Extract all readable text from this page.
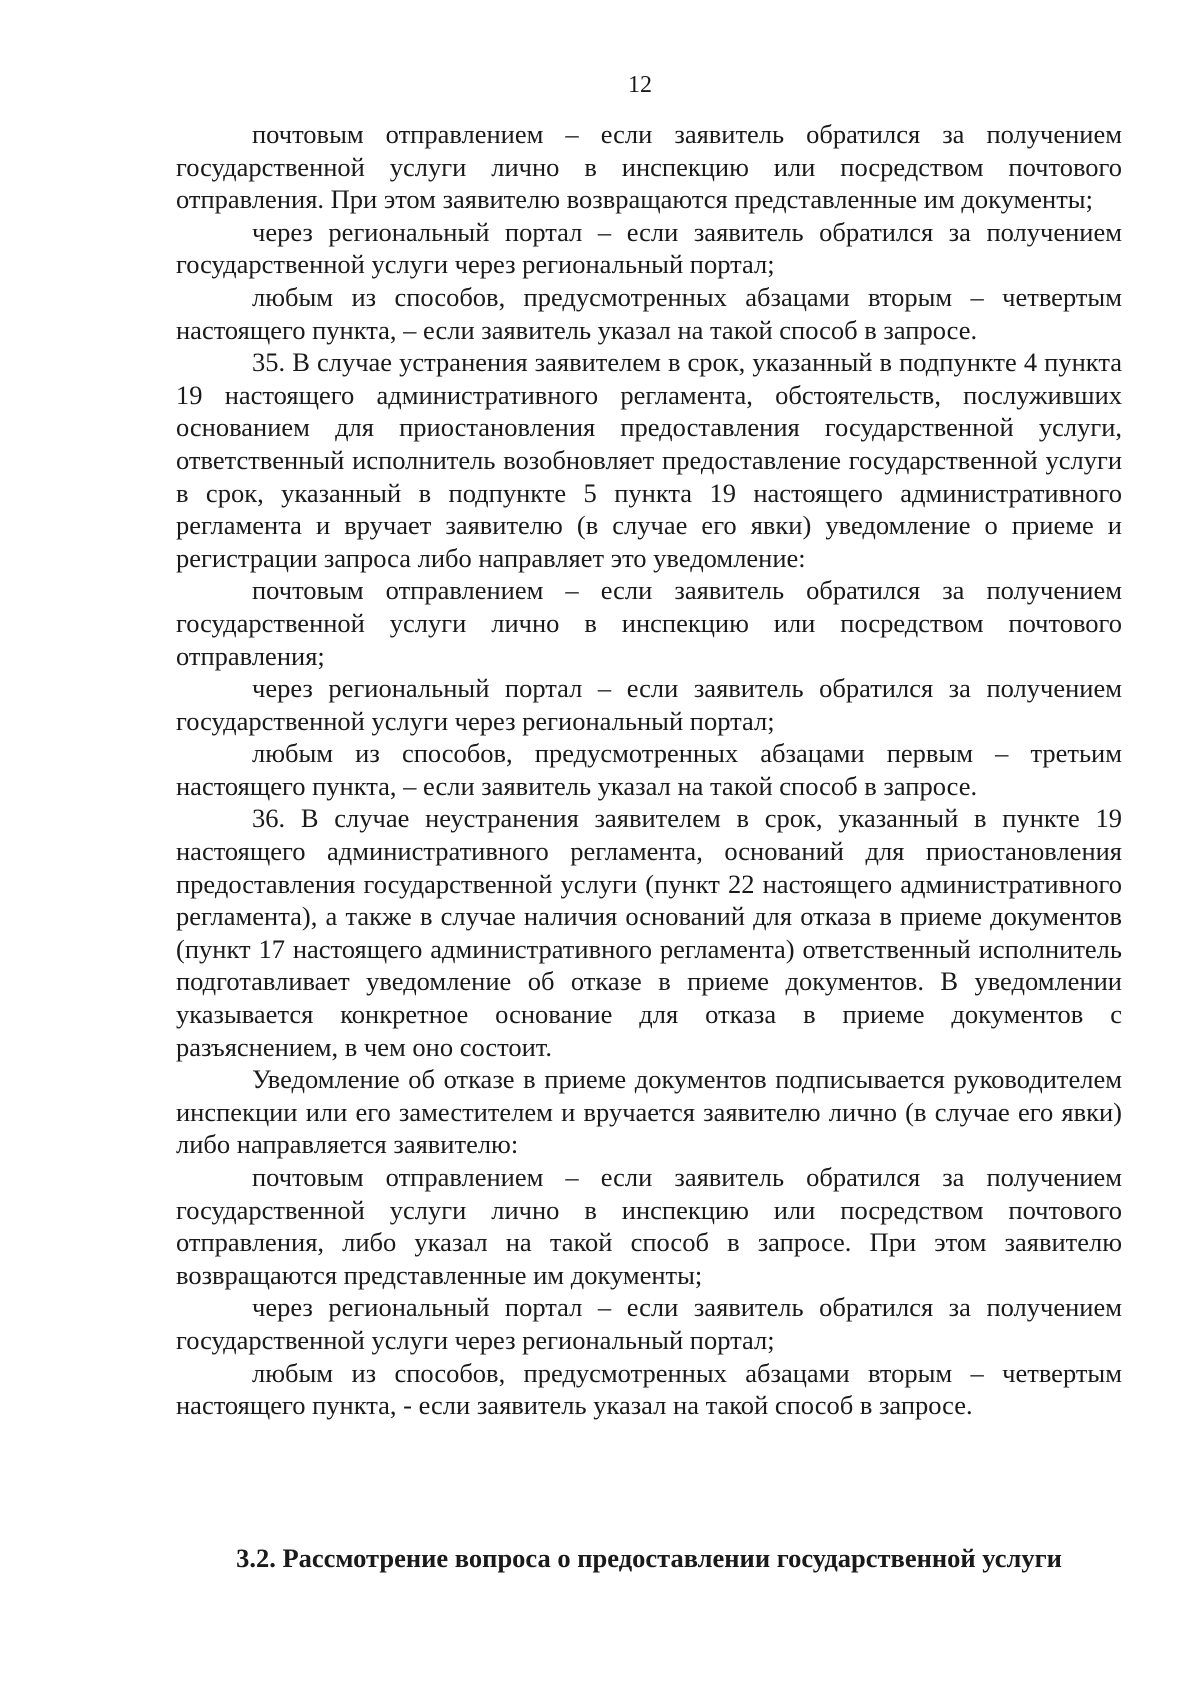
12

почтовым отправлением – если заявитель обратился за получением государственной услуги лично в инспекцию или посредством почтового отправления. При этом заявителю возвращаются представленные им документы;

через региональный портал – если заявитель обратился за получением государственной услуги через региональный портал;

любым из способов, предусмотренных абзацами вторым – четвертым настоящего пункта, – если заявитель указал на такой способ в запросе.

35. В случае устранения заявителем в срок, указанный в подпункте 4 пункта 19 настоящего административного регламента, обстоятельств, послуживших основанием для приостановления предоставления государственной услуги, ответственный исполнитель возобновляет предоставление государственной услуги в срок, указанный в подпункте 5 пункта 19 настоящего административного регламента и вручает заявителю (в случае его явки) уведомление о приеме и регистрации запроса либо направляет это уведомление:

почтовым отправлением – если заявитель обратился за получением государственной услуги лично в инспекцию или посредством почтового отправления;

через региональный портал – если заявитель обратился за получением государственной услуги через региональный портал;

любым из способов, предусмотренных абзацами первым – третьим настоящего пункта, – если заявитель указал на такой способ в запросе.

36. В случае неустранения заявителем в срок, указанный в пункте 19 настоящего административного регламента, оснований для приостановления предоставления государственной услуги (пункт 22 настоящего административного регламента), а также в случае наличия оснований для отказа в приеме документов (пункт 17 настоящего административного регламента) ответственный исполнитель подготавливает уведомление об отказе в приеме документов. В уведомлении указывается конкретное основание для отказа в приеме документов с разъяснением, в чем оно состоит.

Уведомление об отказе в приеме документов подписывается руководителем инспекции или его заместителем и вручается заявителю лично (в случае его явки) либо направляется заявителю:

почтовым отправлением – если заявитель обратился за получением государственной услуги лично в инспекцию или посредством почтового отправления, либо указал на такой способ в запросе. При этом заявителю возвращаются представленные им документы;

через региональный портал – если заявитель обратился за получением государственной услуги через региональный портал;

любым из способов, предусмотренных абзацами вторым – четвертым настоящего пункта, - если заявитель указал на такой способ в запросе.

3.2. Рассмотрение вопроса о предоставлении государственной услуги
